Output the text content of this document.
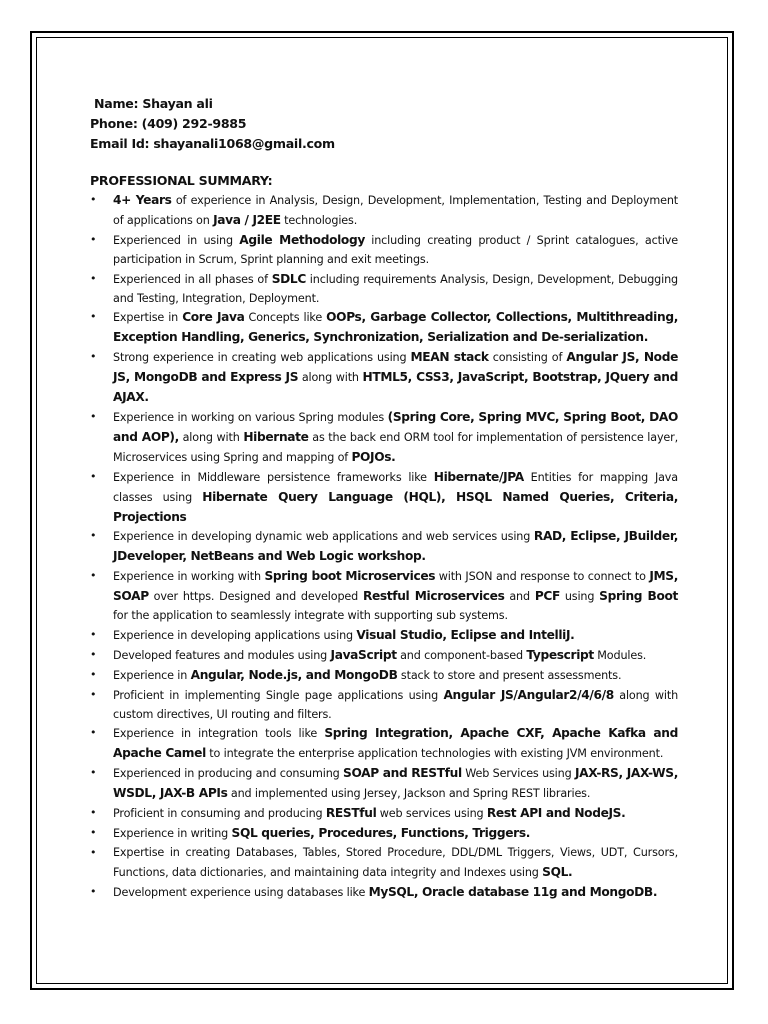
Name: Shayan ali
Phone: (409) 292-9885
Email Id: shayanali1068@gmail.com
PROFESSIONAL SUMMARY:
• 4+ Years of experience in Analysis, Design, Development, Implementation, Testing and Deployment of applications on Java / J2EE technologies.
• Experienced in using Agile Methodology including creating product / Sprint catalogues, active participation in Scrum, Sprint planning and exit meetings.
• Experienced in all phases of SDLC including requirements Analysis, Design, Development, Debugging and Testing, Integration, Deployment.
• Expertise in Core Java Concepts like OOPs, Garbage Collector, Collections, Multithreading, Exception Handling, Generics, Synchronization, Serialization and De-serialization.
• Strong experience in creating web applications using MEAN stack consisting of Angular JS, Node JS, MongoDB and Express JS along with HTML5, CSS3, JavaScript, Bootstrap, JQuery and AJAX.
• Experience in working on various Spring modules (Spring Core, Spring MVC, Spring Boot, DAO and AOP), along with Hibernate as the back end ORM tool for implementation of persistence layer, Microservices using Spring and mapping of POJOs.
• Experience in Middleware persistence frameworks like Hibernate/JPA Entities for mapping Java classes using Hibernate Query Language (HQL), HSQL Named Queries, Criteria, Projections
• Experience in developing dynamic web applications and web services using RAD, Eclipse, JBuilder, JDeveloper, NetBeans and Web Logic workshop.
• Experience in working with Spring boot Microservices with JSON and response to connect to JMS, SOAP over https. Designed and developed Restful Microservices and PCF using Spring Boot for the application to seamlessly integrate with supporting sub systems.
• Experience in developing applications using Visual Studio, Eclipse and IntelliJ.
• Developed features and modules using JavaScript and component-based Typescript Modules.
• Experience in Angular, Node.js, and MongoDB stack to store and present assessments.
• Proficient in implementing Single page applications using Angular JS/Angular2/4/6/8 along with custom directives, UI routing and filters.
• Experience in integration tools like Spring Integration, Apache CXF, Apache Kafka and Apache Camel to integrate the enterprise application technologies with existing JVM environment.
• Experienced in producing and consuming SOAP and RESTful Web Services using JAX-RS, JAX-WS, WSDL, JAX-B APIs and implemented using Jersey, Jackson and Spring REST libraries.
• Proficient in consuming and producing RESTful web services using Rest API and NodeJS.
• Experience in writing SQL queries, Procedures, Functions, Triggers.
• Expertise in creating Databases, Tables, Stored Procedure, DDL/DML Triggers, Views, UDT, Cursors, Functions, data dictionaries, and maintaining data integrity and Indexes using SQL.
• Development experience using databases like MySQL, Oracle database 11g and MongoDB.
